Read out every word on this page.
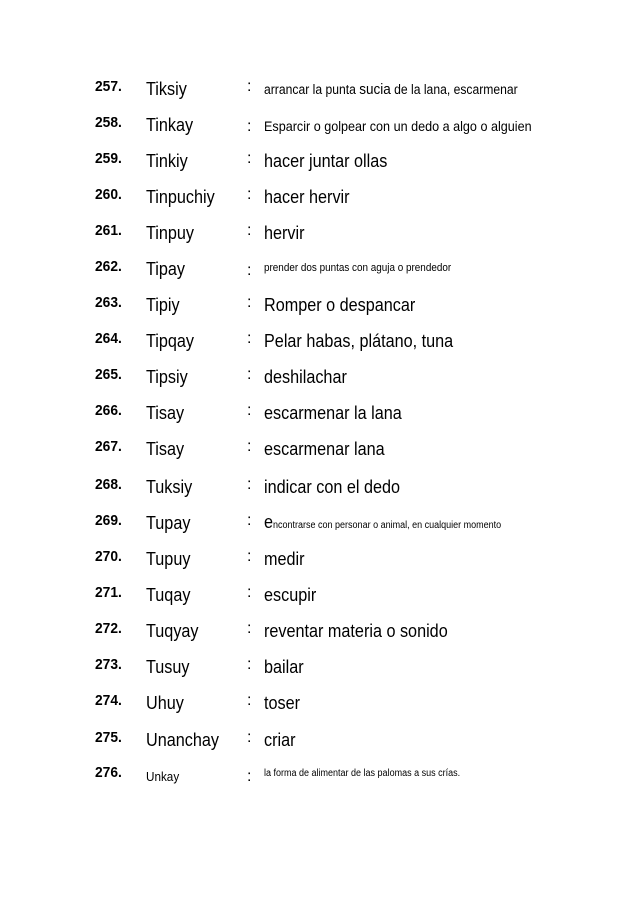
257. Tiksiy	: arrancar la punta sucia de la lana, escarmenar
258. Tinkay	: Esparcir o golpear con un dedo a algo o alguien
259. Tinkiy	: hacer juntar ollas
260. Tinpuchiy : hacer hervir
261. Tinpuy	: hervir
262. Tipay	: prender dos puntas con aguja o prendedor
263. Tipiy	: Romper o despancar
264. Tipqay	: Pelar habas, plátano, tuna
265. Tipsiy	: deshilachar
266. Tisay	: escarmenar la lana
267. Tisay	: escarmenar lana
268. Tuksiy	: indicar con el dedo
269. Tupay	: encontrarse con personar o animal, en cualquier momento
270. Tupuy	: medir
271. Tuqay	: escupir
272. Tuqyay	: reventar materia o sonido
273. Tusuy	: bailar
274. Uhuy	: toser
275. Unanchay : criar
276. Unkay	: la forma de alimentar de las palomas a sus crías.
